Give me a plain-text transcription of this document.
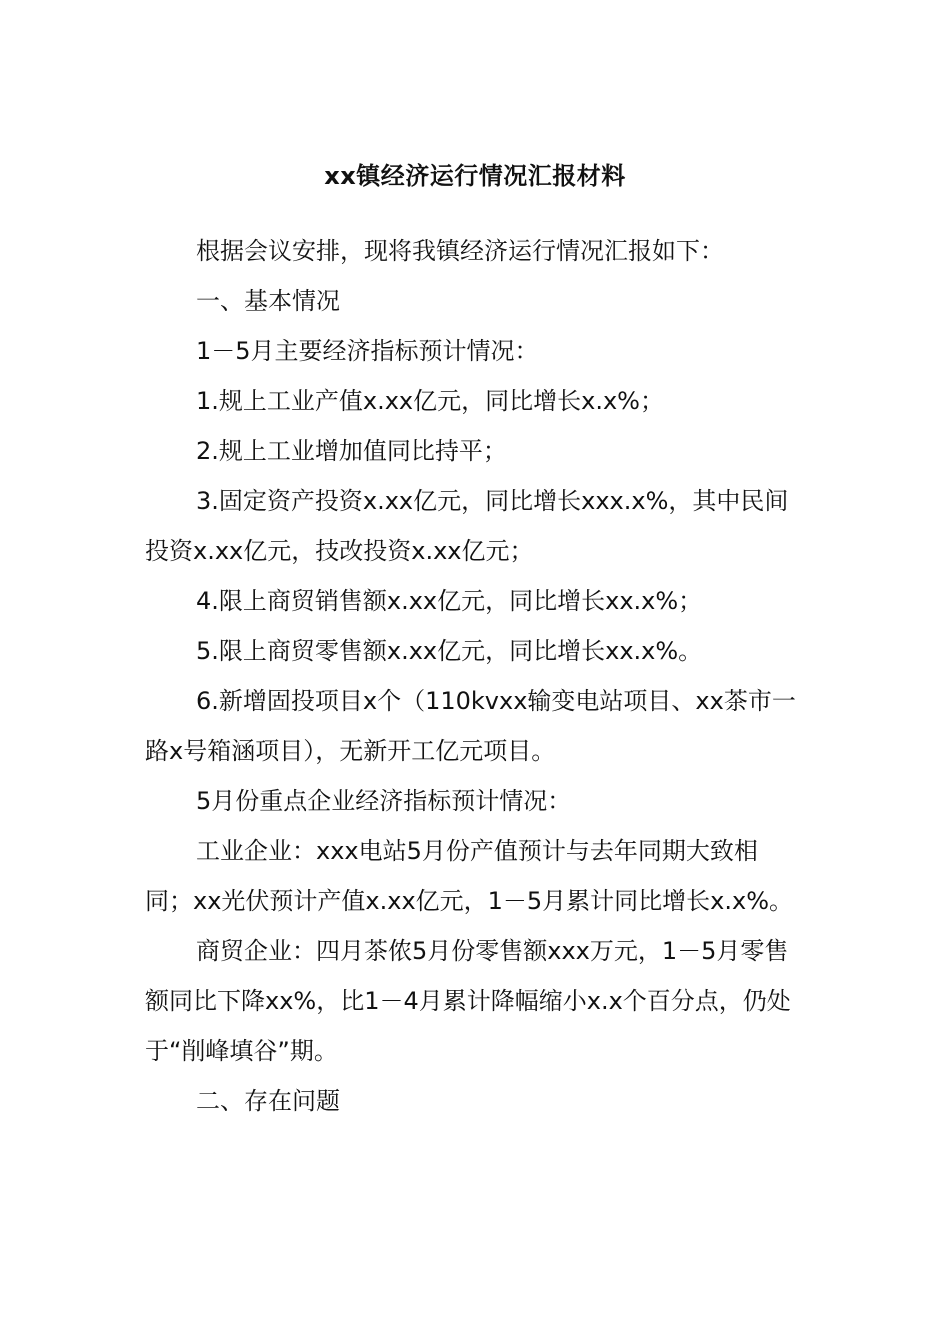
xx镇经济运行情况汇报材料

根据会议安排，现将我镇经济运行情况汇报如下：

一、基本情况

1－5月主要经济指标预计情况：

1.规上工业产值x.xx亿元，同比增长x.x%；

2.规上工业增加值同比持平；

3.固定资产投资x.xx亿元，同比增长xxx.x%，其中民间投资x.xx亿元，技改投资x.xx亿元；

4.限上商贸销售额x.xx亿元，同比增长xx.x%；

5.限上商贸零售额x.xx亿元，同比增长xx.x%。

6.新增固投项目x个（110kvxx输变电站项目、xx茶市一路x号箱涵项目），无新开工亿元项目。

5月份重点企业经济指标预计情况：

工业企业：xxx电站5月份产值预计与去年同期大致相同；xx光伏预计产值x.xx亿元，1－5月累计同比增长x.x%。

商贸企业：四月茶侬5月份零售额xxx万元，1－5月零售额同比下降xx%，比1－4月累计降幅缩小x.x个百分点，仍处于“削峰填谷”期。

二、存在问题
